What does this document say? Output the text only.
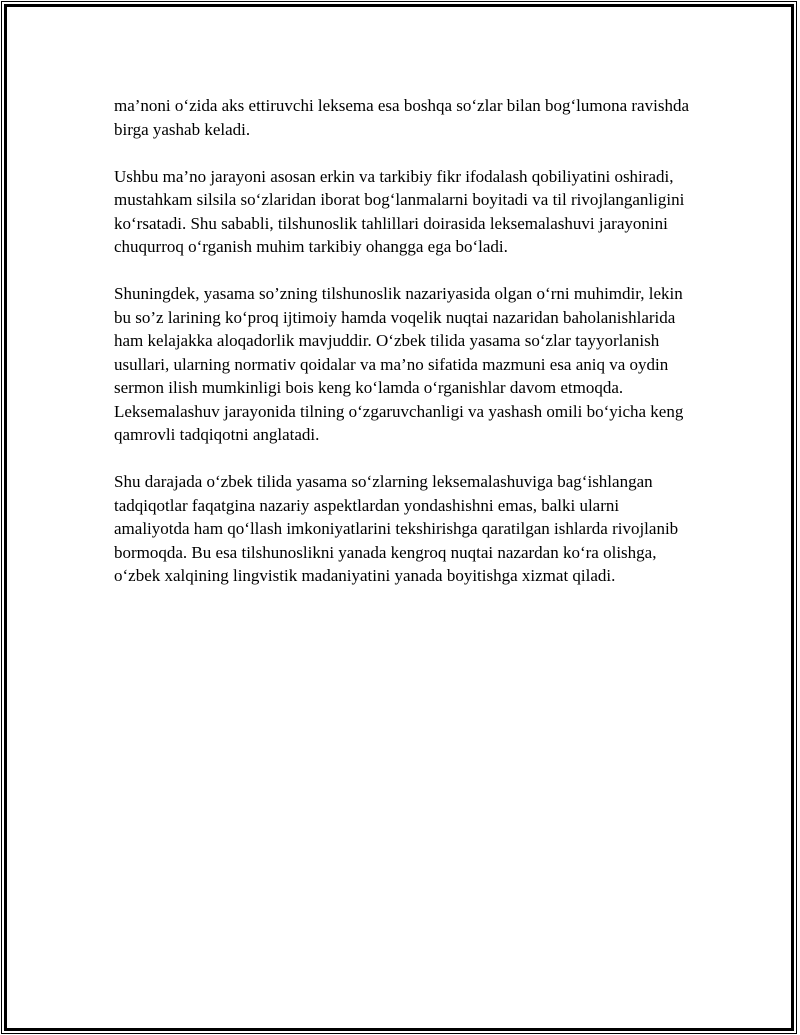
ma’noni o‘zida aks ettiruvchi leksema esa boshqa so‘zlar bilan bog‘lumona ravishda birga yashab keladi.

Ushbu ma’no jarayoni asosan erkin va tarkibiy fikr ifodalash qobiliyatini oshiradi, mustahkam silsila so‘zlaridan iborat bog‘lanmalarni boyitadi va til rivojlanganligini ko‘rsatadi. Shu sababli, tilshunoslik tahlillari doirasida leksemalashuvi jarayonini chuqurroq o‘rganish muhim tarkibiy ohangga ega bo‘ladi.

Shuningdek, yasama so’zning tilshunoslik nazariyasida olgan o‘rni muhimdir, lekin bu so’z larining ko‘proq ijtimoiy hamda voqelik nuqtai nazaridan baholanishlarida ham kelajakka aloqadorlik mavjuddir. O‘zbek tilida yasama so‘zlar tayyorlanish usullari, ularning normativ qoidalar va ma’no sifatida mazmuni esa aniq va oydin sermon ilish mumkinligi bois keng ko‘lamda o‘rganishlar davom etmoqda. Leksemalashuv jarayonida tilning o‘zgaruvchanligi va yashash omili bo‘yicha keng qamrovli tadqiqotni anglatadi.

Shu darajada o‘zbek tilida yasama so‘zlarning leksemalashuviga bag‘ishlangan tadqiqotlar faqatgina nazariy aspektlardan yondashishni emas, balki ularni amaliyotda ham qo‘llash imkoniyatlarini tekshirishga qaratilgan ishlarda rivojlanib bormoqda. Bu esa tilshunoslikni yanada kengroq nuqtai nazardan ko‘ra olishga, o‘zbek xalqining lingvistik madaniyatini yanada boyitishga xizmat qiladi.
